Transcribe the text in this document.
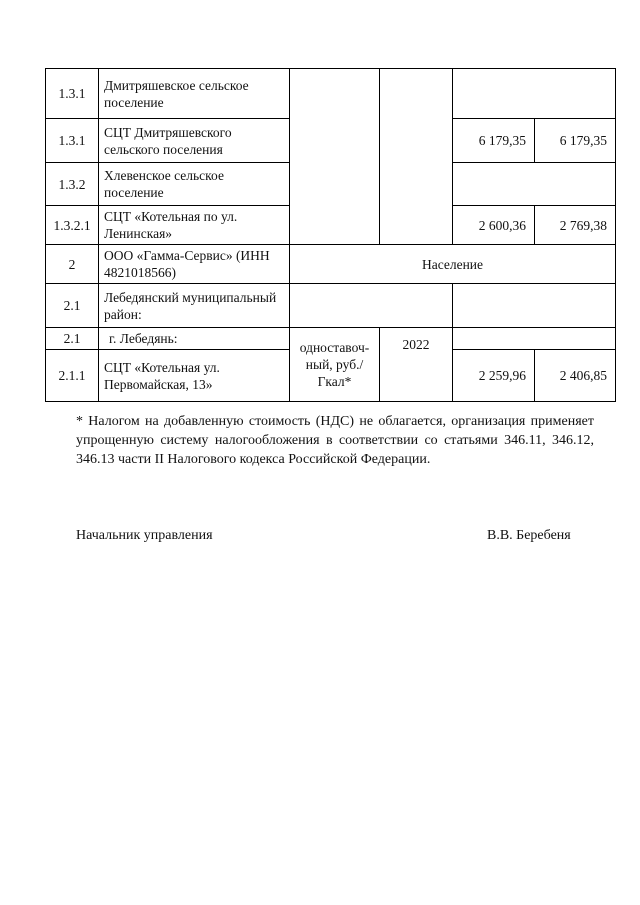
1.3.1	Дмитряшевское сельское поселение				
1.3.1	СЦТ Дмитряшевского сельского поселения			6 179,35	6 179,35
1.3.2	Хлевенское сельское поселение				
1.3.2.1	СЦТ «Котельная по ул. Ленинская»			2 600,36	2 769,38
2	ООО «Гамма-Сервис» (ИНН 4821018566)	Население			
2.1	Лебедянский муниципальный район:				
2.1	г. Лебедянь:	одноставоч-ный, руб./Гкал*	2022		
2.1.1	СЦТ «Котельная ул. Первомайская, 13»			2 259,96	2 406,85
* Налогом на добавленную стоимость (НДС) не облагается, организация применяет упрощенную систему налогообложения в соответствии со статьями 346.11, 346.12, 346.13 части II Налогового кодекса Российской Федерации.
Начальник управления	В.В. Беребеня
